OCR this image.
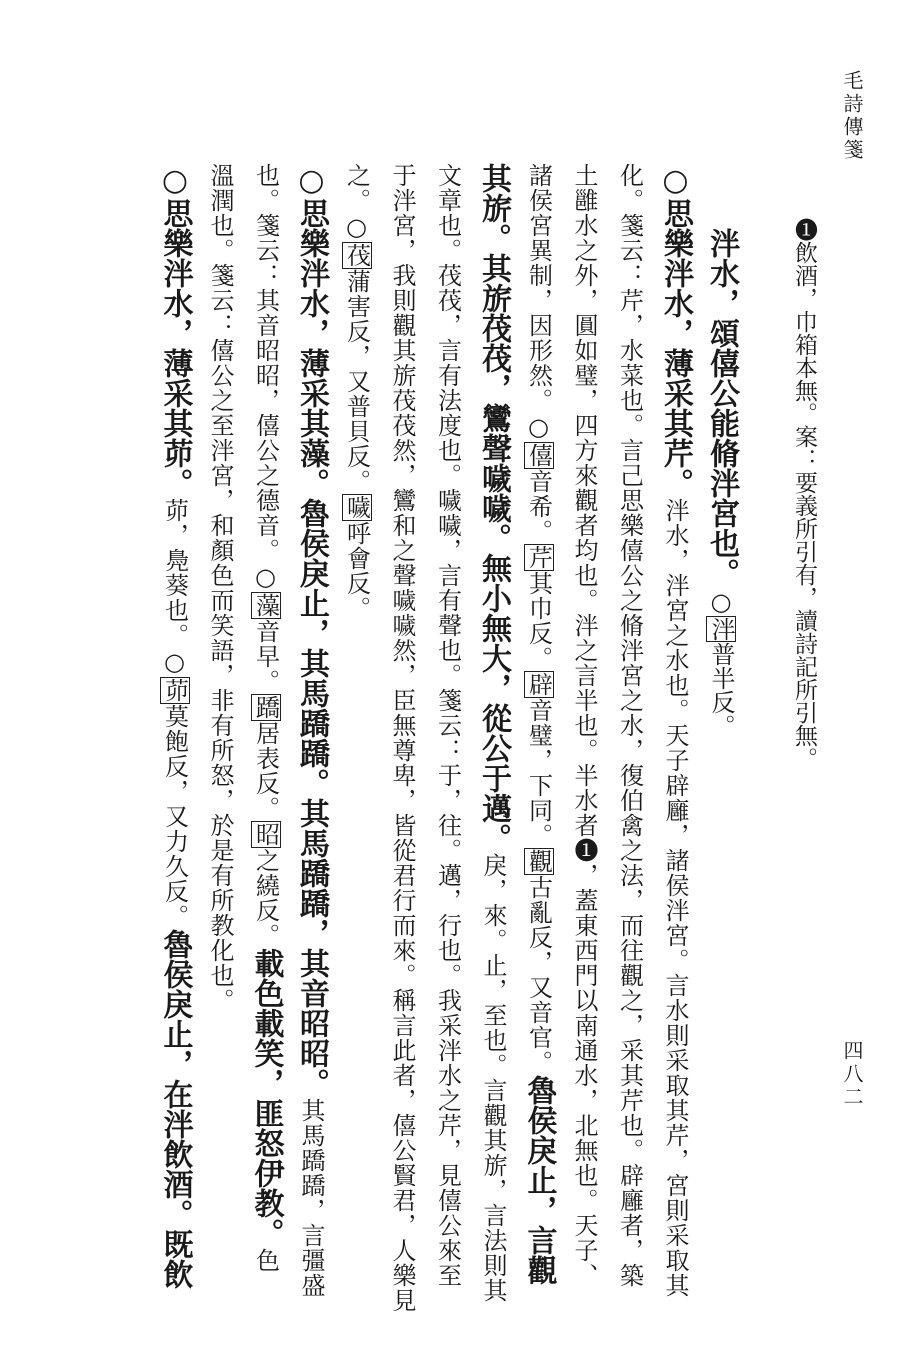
毛詩傳箋
四八二
❶飲酒，巾箱本無。案：要義所引有，讀詩記所引無。
泮水，頌僖公能脩泮宮也。○泮普半反。
○思樂泮水，薄采其芹。泮水，泮宮之水也。天子辟廱，諸侯泮宮。言水則采取其芹，宮則采取其
化。箋云：芹，水菜也。言己思樂僖公之脩泮宮之水，復伯禽之法，而往觀之，采其芹也。辟廱者，築
土雝水之外，圓如璧，四方來觀者均也。泮之言半也。半水者❶，蓋東西門以南通水，北無也。天子、
諸侯宮異制，因形然。○僖音希。芹其巾反。辟音璧，下同。觀古亂反，又音官。魯侯戾止，言觀
其旂。其旂茷茷，鸞聲噦噦。無小無大，從公于邁。戾，來。止，至也。言觀其旂，言法則其
文章也。茷茷，言有法度也。噦噦，言有聲也。箋云：于，往。邁，行也。我采泮水之芹，見僖公來至
于泮宮，我則觀其旂茷茷然，鸞和之聲噦噦然，臣無尊卑，皆從君行而來。稱言此者，僖公賢君，人樂見
之。○茷蒲害反，又普貝反。噦呼會反。
○思樂泮水，薄采其藻。魯侯戾止，其馬蹻蹻。其馬蹻蹻，其音昭昭。其馬蹻蹻，言彊盛
也。箋云：其音昭昭，僖公之德音。○藻音早。蹻居表反。昭之繞反。載色載笑，匪怒伊教。色
溫潤也。箋云：僖公之至泮宮，和顏色而笑語，非有所怒，於是有所教化也。
○思樂泮水，薄采其茆。茆，鳧葵也。○茆莫飽反，又力久反。魯侯戾止，在泮飲酒。既飲
